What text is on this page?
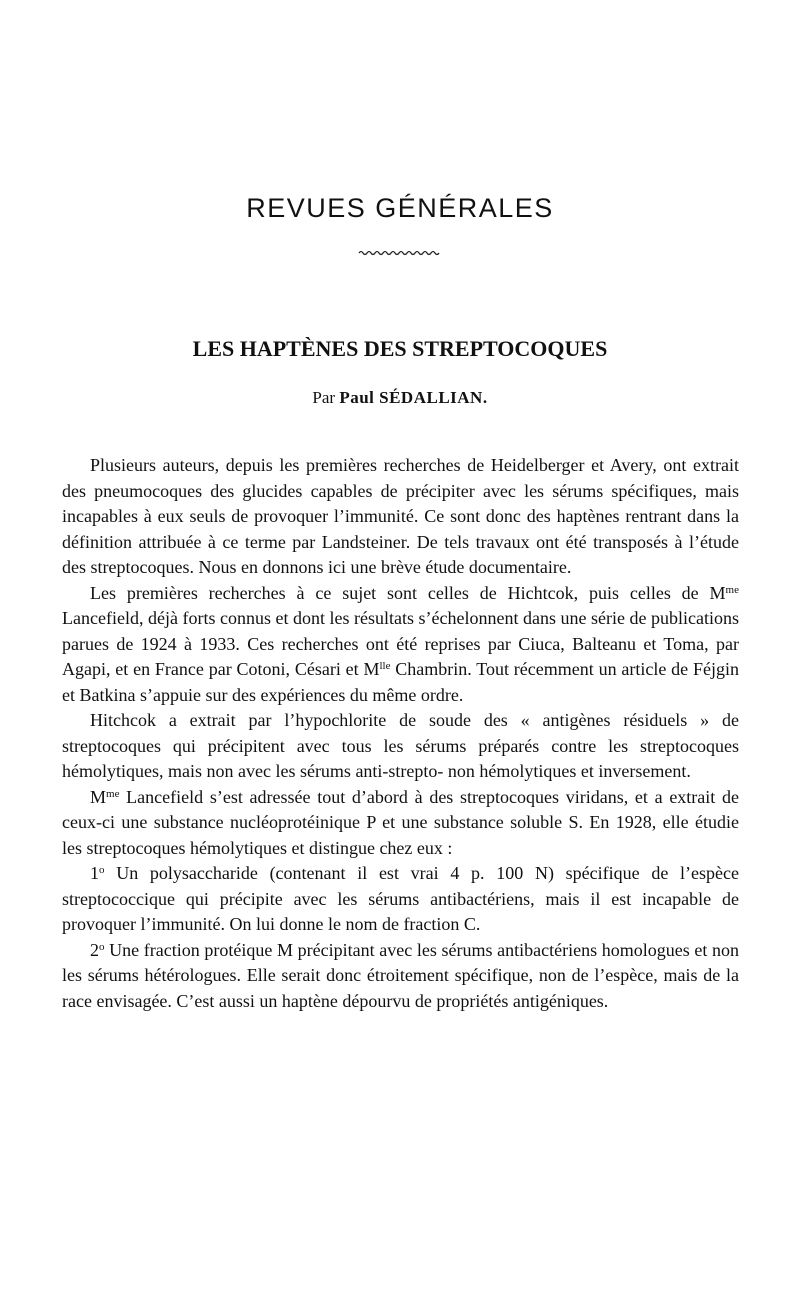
REVUES GÉNÉRALES
LES HAPTÈNES DES STREPTOCOQUES
Par Paul SÉDALLIAN.

Plusieurs auteurs, depuis les premières recherches de Heidelberger et Avery, ont extrait des pneumocoques des glucides capables de précipiter avec les sérums spécifiques, mais incapables à eux seuls de provoquer l’immunité. Ce sont donc des haptènes rentrant dans la définition attribuée à ce terme par Landsteiner. De tels travaux ont été transposés à l’étude des streptocoques. Nous en donnons ici une brève étude documentaire.

Les premières recherches à ce sujet sont celles de Hichtcok, puis celles de $M^{me}$ Lancefield, déjà forts connus et dont les résultats s’échelonnent dans une série de publications parues de 1924 à 1933. Ces recherches ont été reprises par Ciuca, Balteanu et Toma, par Agapi, et en France par Cotoni, Césari et $M^{lle}$ Chambrin. Tout récemment un article de Féjgin et Batkina s’appuie sur des expériences du même ordre.

Hitchcok a extrait par l’hypochlorite de soude des « antigènes résiduels » de streptocoques qui précipitent avec tous les sérums préparés contre les streptocoques hémolytiques, mais non avec les sérums anti-strepto- non hémolytiques et inversement.

$M^{me}$ Lancefield s’est adressée tout d’abord à des streptocoques viridans, et a extrait de ceux-ci une substance nucléoprotéinique P et une substance soluble S. En 1928, elle étudie les streptocoques hémolytiques et distingue chez eux :

1$^o$ Un polysaccharide (contenant il est vrai 4 p. 100 N) spécifique de l’espèce streptococcique qui précipite avec les sérums antibactériens, mais il est incapable de provoquer l’immunité. On lui donne le nom de fraction C.

2$^o$ Une fraction protéique M précipitant avec les sérums antibactériens homologues et non les sérums hétérologues. Elle serait donc étroitement spécifique, non de l’espèce, mais de la race envisagée. C’est aussi un haptène dépourvu de propriétés antigéniques.
